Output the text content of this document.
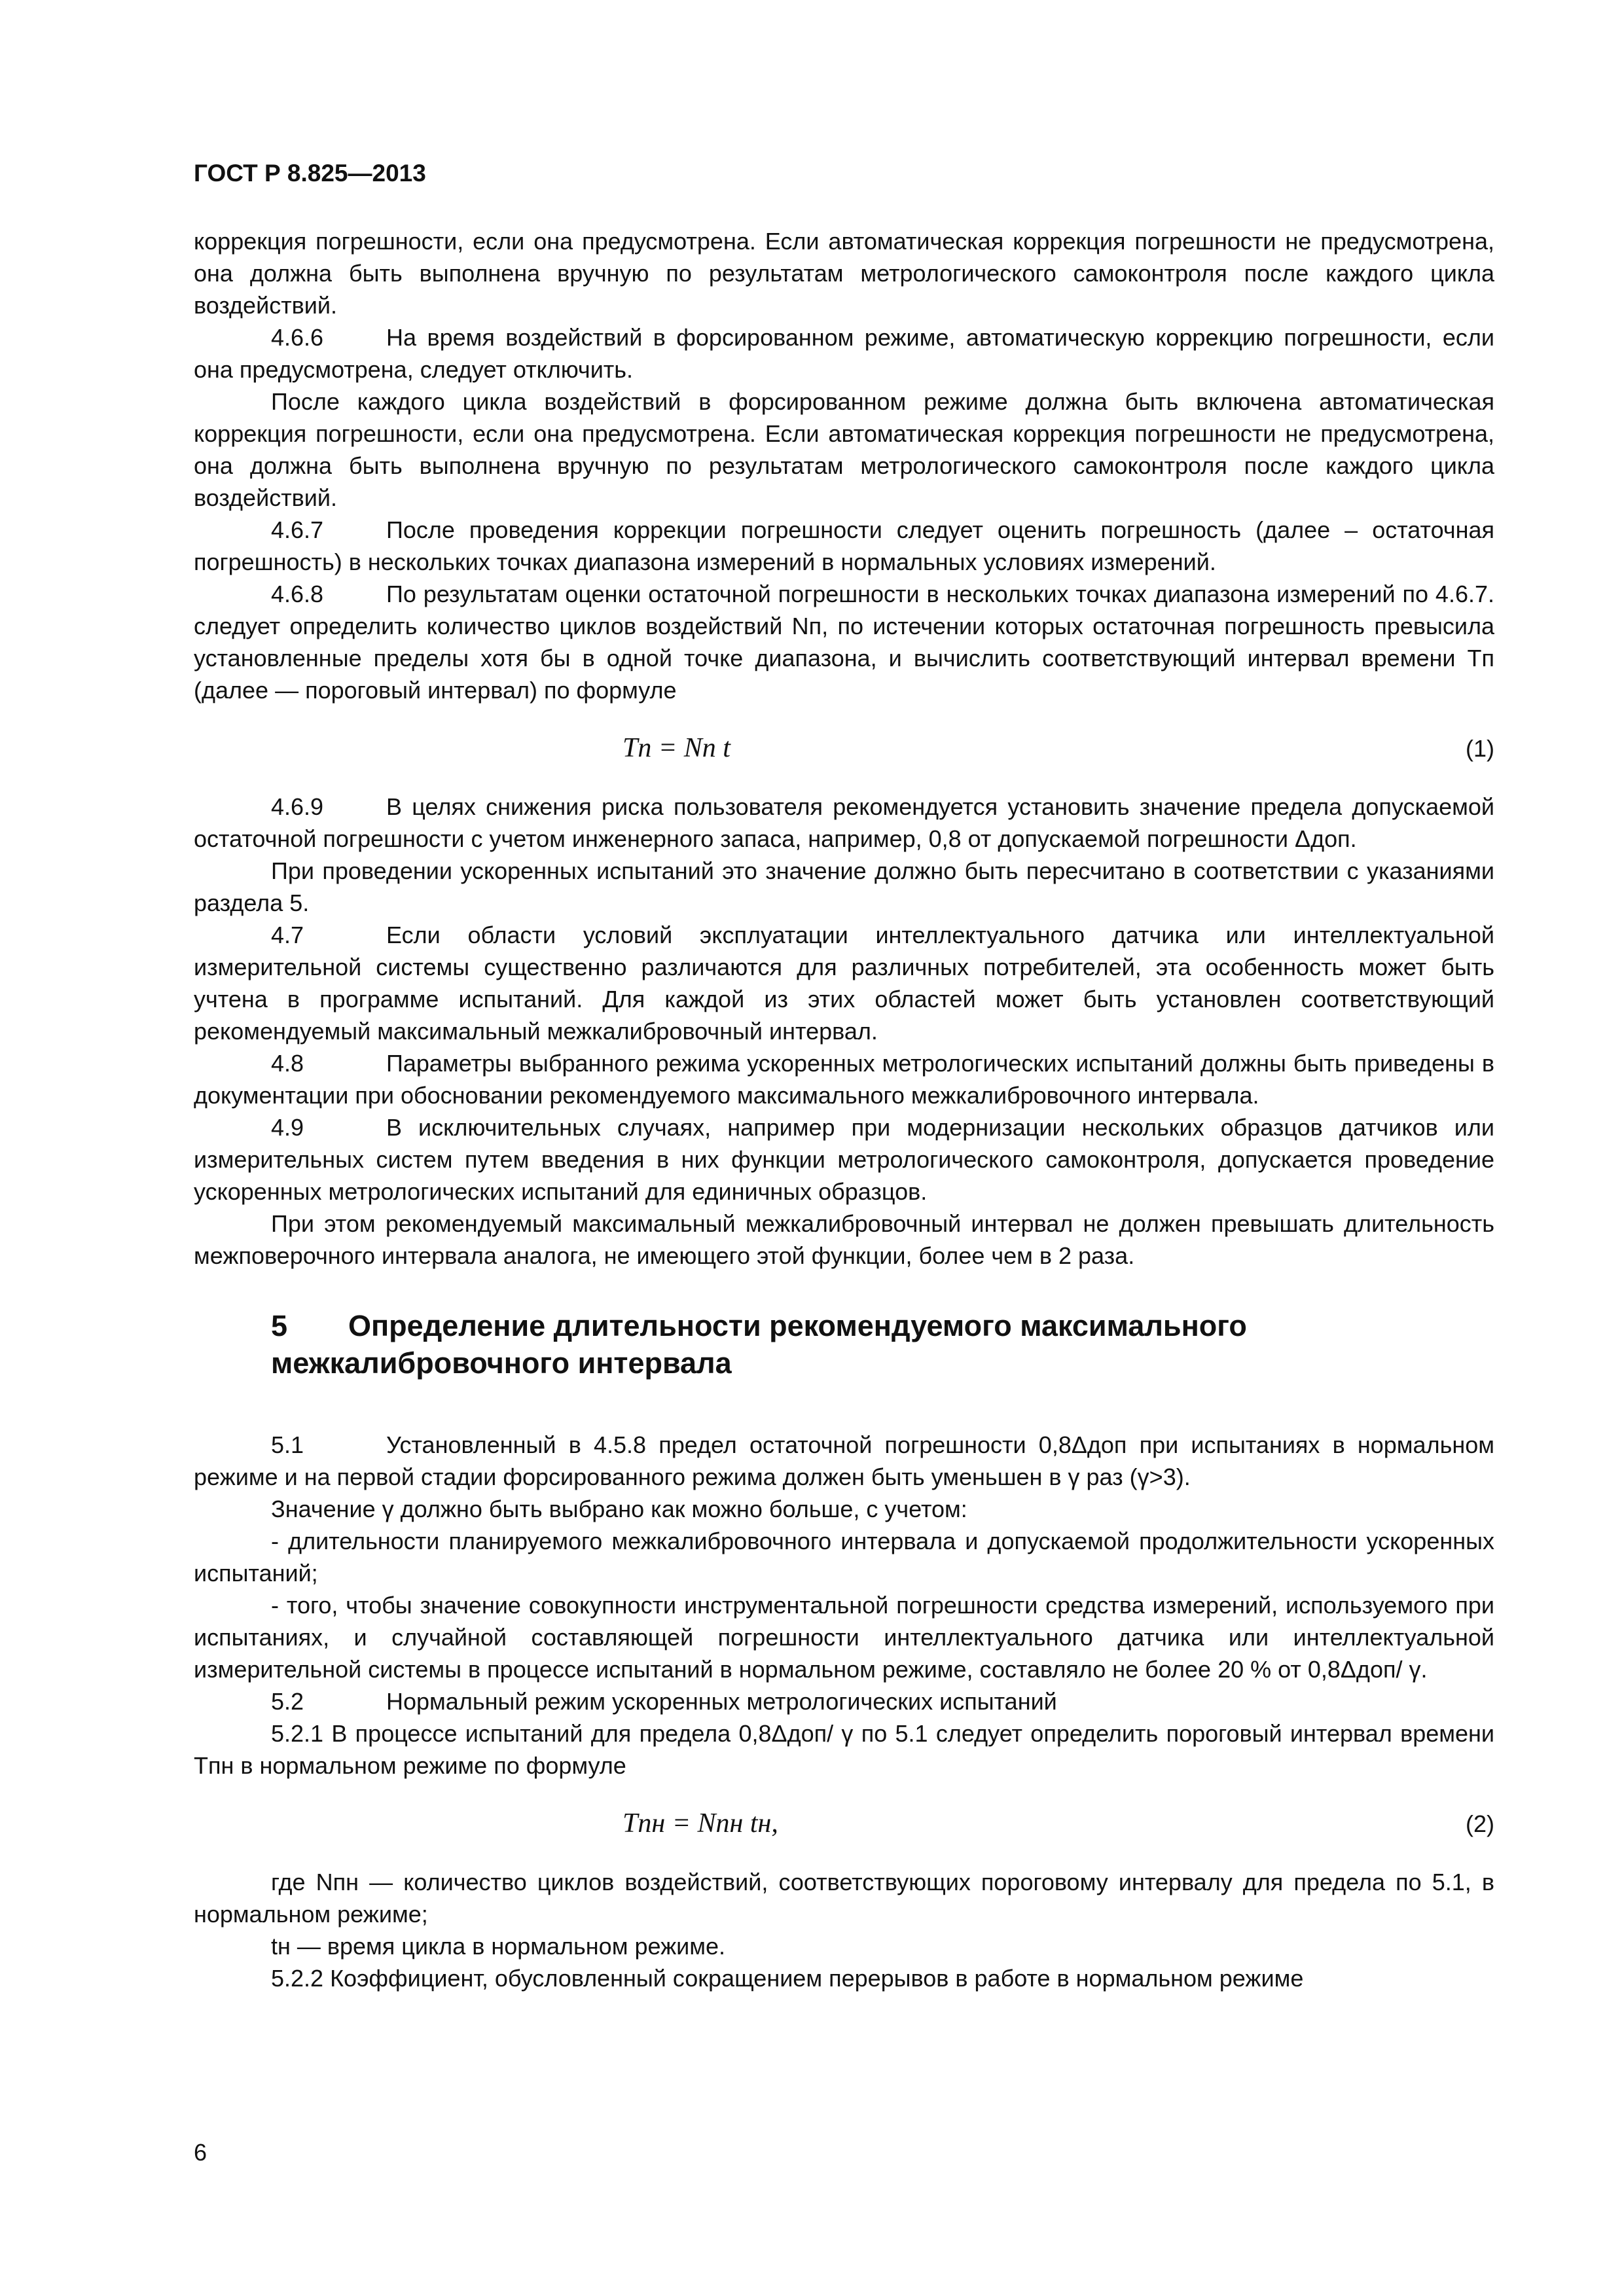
ГОСТ Р 8.825—2013

коррекция погрешности, если она предусмотрена. Если автоматическая коррекция погрешности не предусмотрена, она должна быть выполнена вручную по результатам метрологического самоконтроля после каждого цикла воздействий.

4.6.6	На время воздействий в форсированном режиме, автоматическую коррекцию погрешности, если она предусмотрена, следует отключить.

После каждого цикла воздействий в форсированном режиме должна быть включена автоматическая коррекция погрешности, если она предусмотрена. Если автоматическая коррекция погрешности не предусмотрена, она должна быть выполнена вручную по результатам метрологического самоконтроля после каждого цикла воздействий.

4.6.7	После проведения коррекции погрешности следует оценить погрешность (далее – остаточная погрешность) в нескольких точках диапазона измерений в нормальных условиях измерений.

4.6.8	По результатам оценки остаточной погрешности в нескольких точках диапазона измерений по 4.6.7. следует определить количество циклов воздействий Nп, по истечении которых остаточная погрешность превысила установленные пределы хотя бы в одной точке диапазона, и вычислить соответствующий интервал времени Tп (далее — пороговый интервал) по формуле

Tп = Nп t	(1)

4.6.9	В целях снижения риска пользователя рекомендуется установить значение предела допускаемой остаточной погрешности с учетом инженерного запаса, например, 0,8 от допускаемой погрешности Δдоп.

При проведении ускоренных испытаний это значение должно быть пересчитано в соответствии с указаниями раздела 5.

4.7	Если области условий эксплуатации интеллектуального датчика или интеллектуальной измерительной системы существенно различаются для различных потребителей, эта особенность может быть учтена в программе испытаний. Для каждой из этих областей может быть установлен соответствующий рекомендуемый максимальный межкалибровочный интервал.

4.8	Параметры выбранного режима ускоренных метрологических испытаний должны быть приведены в документации при обосновании рекомендуемого максимального межкалибровочного интервала.

4.9	В исключительных случаях, например при модернизации нескольких образцов датчиков или измерительных систем путем введения в них функции метрологического самоконтроля, допускается проведение ускоренных метрологических испытаний для единичных образцов.

При этом рекомендуемый максимальный межкалибровочный интервал не должен превышать длительность межповерочного интервала аналога, не имеющего этой функции, более чем в 2 раза.

5 Определение длительности рекомендуемого максимального
межкалибровочного интервала

5.1	Установленный в 4.5.8 предел остаточной погрешности 0,8Δдоп при испытаниях в нормальном режиме и на первой стадии форсированного режима должен быть уменьшен в γ раз (γ>3).

Значение γ должно быть выбрано как можно больше, с учетом:

- длительности планируемого межкалибровочного интервала и допускаемой продолжительности ускоренных испытаний;

- того, чтобы значение совокупности инструментальной погрешности средства измерений, используемого при испытаниях, и случайной составляющей погрешности интеллектуального датчика или интеллектуальной измерительной системы в процессе испытаний в нормальном режиме, составляло не более 20 % от 0,8Δдоп/ γ.

5.2	Нормальный режим ускоренных метрологических испытаний

5.2.1 В процессе испытаний для предела 0,8Δдоп/ γ по 5.1 следует определить пороговый интервал времени Tпн в нормальном режиме по формуле

Tпн = Nпн tн,	(2)

где Nпн — количество циклов воздействий, соответствующих пороговому интервалу для предела по 5.1, в нормальном режиме;

tн — время цикла в нормальном режиме.

5.2.2 Коэффициент, обусловленный сокращением перерывов в работе в нормальном режиме

6
